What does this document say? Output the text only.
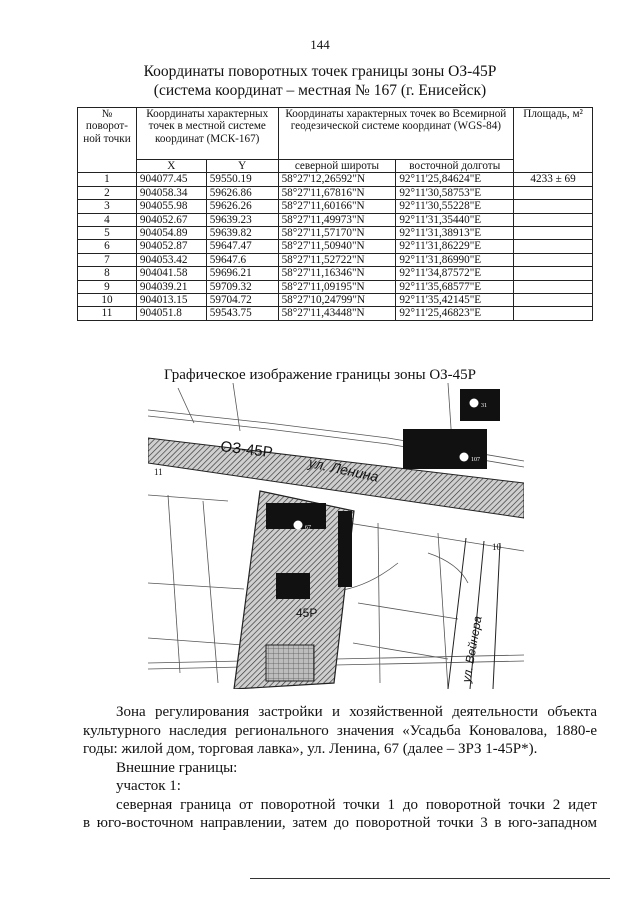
144
Координаты поворотных точек границы зоны ОЗ-45Р
(система координат – местная № 167 (г. Енисейск)
№ поворот-ной точки	Координаты характерных точек в местной системе координат (МСК-167)		Координаты характерных точек во Всемирной геодезической системе координат (WGS-84)		Площадь, м²
	X	Y	северной широты	восточной долготы	
1	904077.45	59550.19	58°27'12,26592"N	92°11'25,84624"E	4233 ± 69
2	904058.34	59626.86	58°27'11,67816"N	92°11'30,58753"E	
3	904055.98	59626.26	58°27'11,60166"N	92°11'30,55228"E	
4	904052.67	59639.23	58°27'11,49973"N	92°11'31,35440"E	
5	904054.89	59639.82	58°27'11,57170"N	92°11'31,38913"E	
6	904052.87	59647.47	58°27'11,50940"N	92°11'31,86229"E	
7	904053.42	59647.6	58°27'11,52722"N	92°11'31,86990"E	
8	904041.58	59696.21	58°27'11,16346"N	92°11'34,87572"E	
9	904039.21	59709.32	58°27'11,09195"N	92°11'35,68577"E	
10	904013.15	59704.72	58°27'10,24799"N	92°11'35,42145"E	
11	904051.8	59543.75	58°27'11,43448"N	92°11'25,46823"E	
Графическое изображение границы зоны ОЗ-45Р
67
107
31
ОЗ-45Р
ул. Ленина
ул. Вейнера
45Р
11
10

Зона регулирования застройки и хозяйственной деятельности объекта

культурного наследия регионального значения «Усадьба Коновалова, 1880-е

годы: жилой дом, торговая лавка», ул. Ленина, 67 (далее – ЗРЗ 1-45Р*).

Внешние границы:

участок 1:

северная граница от поворотной точки 1 до поворотной точки 2 идет

в юго-восточном направлении, затем до поворотной точки 3 в юго-западном
